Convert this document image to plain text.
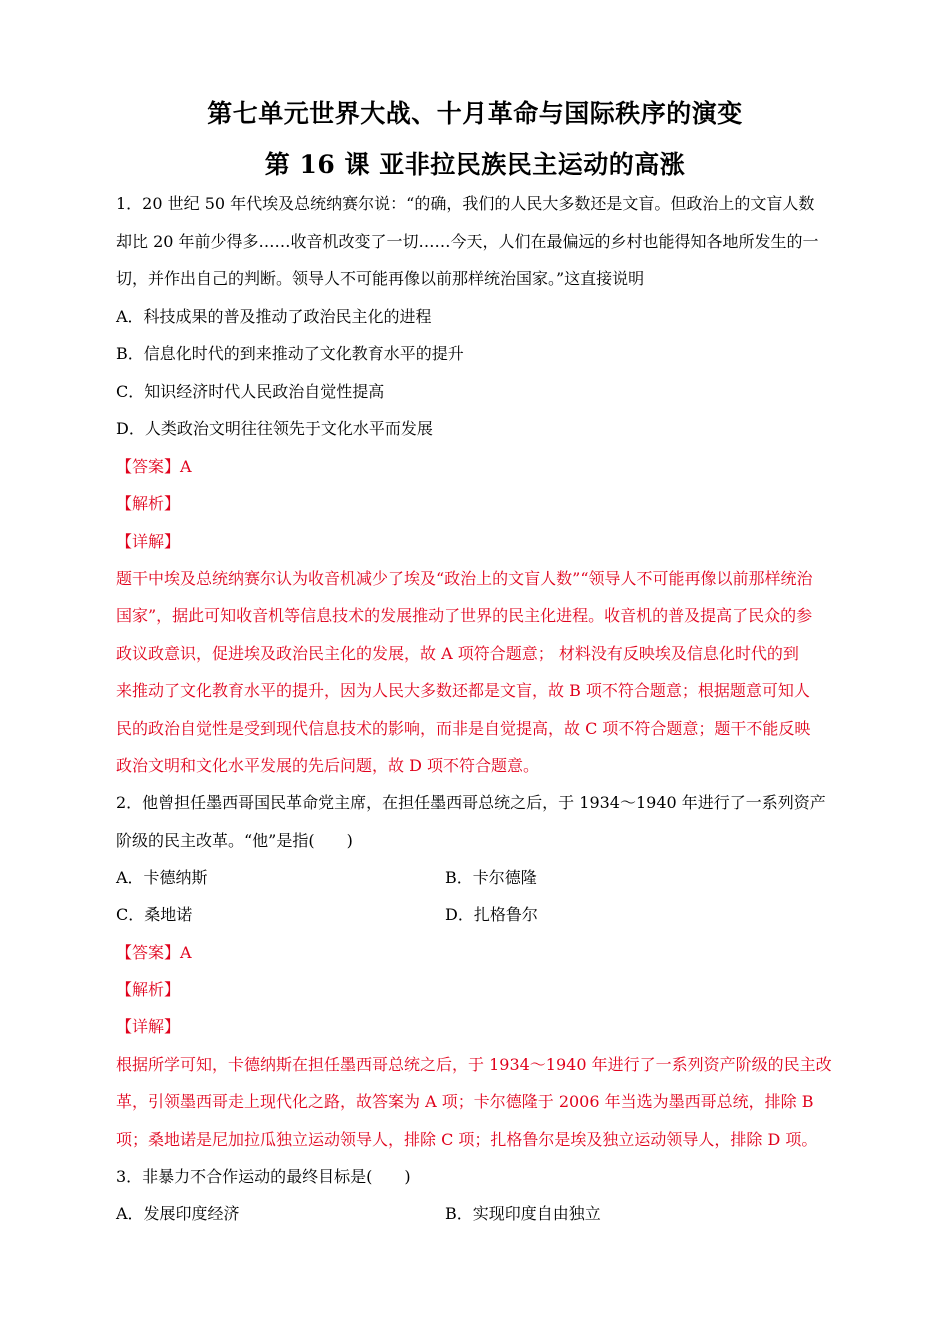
第七单元世界大战、十月革命与国际秩序的演变
第 16 课 亚非拉民族民主运动的高涨
1．20 世纪 50 年代埃及总统纳赛尔说：“的确，我们的人民大多数还是文盲。但政治上的文盲人数
却比 20 年前少得多……收音机改变了一切……今天，人们在最偏远的乡村也能得知各地所发生的一
切，并作出自己的判断。领导人不可能再像以前那样统治国家。”这直接说明
A．科技成果的普及推动了政治民主化的进程
B．信息化时代的到来推动了文化教育水平的提升
C．知识经济时代人民政治自觉性提高
D．人类政治文明往往领先于文化水平而发展
【答案】A
【解析】
【详解】
题干中埃及总统纳赛尔认为收音机减少了埃及“政治上的文盲人数”“领导人不可能再像以前那样统治
国家”，据此可知收音机等信息技术的发展推动了世界的民主化进程。收音机的普及提高了民众的参
政议政意识，促进埃及政治民主化的发展，故 A 项符合题意； 材料没有反映埃及信息化时代的到
来推动了文化教育水平的提升，因为人民大多数还都是文盲，故 B 项不符合题意；根据题意可知人
民的政治自觉性是受到现代信息技术的影响，而非是自觉提高，故 C 项不符合题意；题干不能反映
政治文明和文化水平发展的先后问题，故 D 项不符合题意。
2．他曾担任墨西哥国民革命党主席，在担任墨西哥总统之后，于 1934～1940 年进行了一系列资产
阶级的民主改革。“他”是指(　　)
A．卡德纳斯	B．卡尔德隆
C．桑地诺	D．扎格鲁尔
【答案】A
【解析】
【详解】
根据所学可知，卡德纳斯在担任墨西哥总统之后，于 1934～1940 年进行了一系列资产阶级的民主改
革，引领墨西哥走上现代化之路，故答案为 A 项；卡尔德隆于 2006 年当选为墨西哥总统，排除 B
项；桑地诺是尼加拉瓜独立运动领导人，排除 C 项；扎格鲁尔是埃及独立运动领导人，排除 D 项。
3．非暴力不合作运动的最终目标是(　　)
A．发展印度经济	B．实现印度自由独立
